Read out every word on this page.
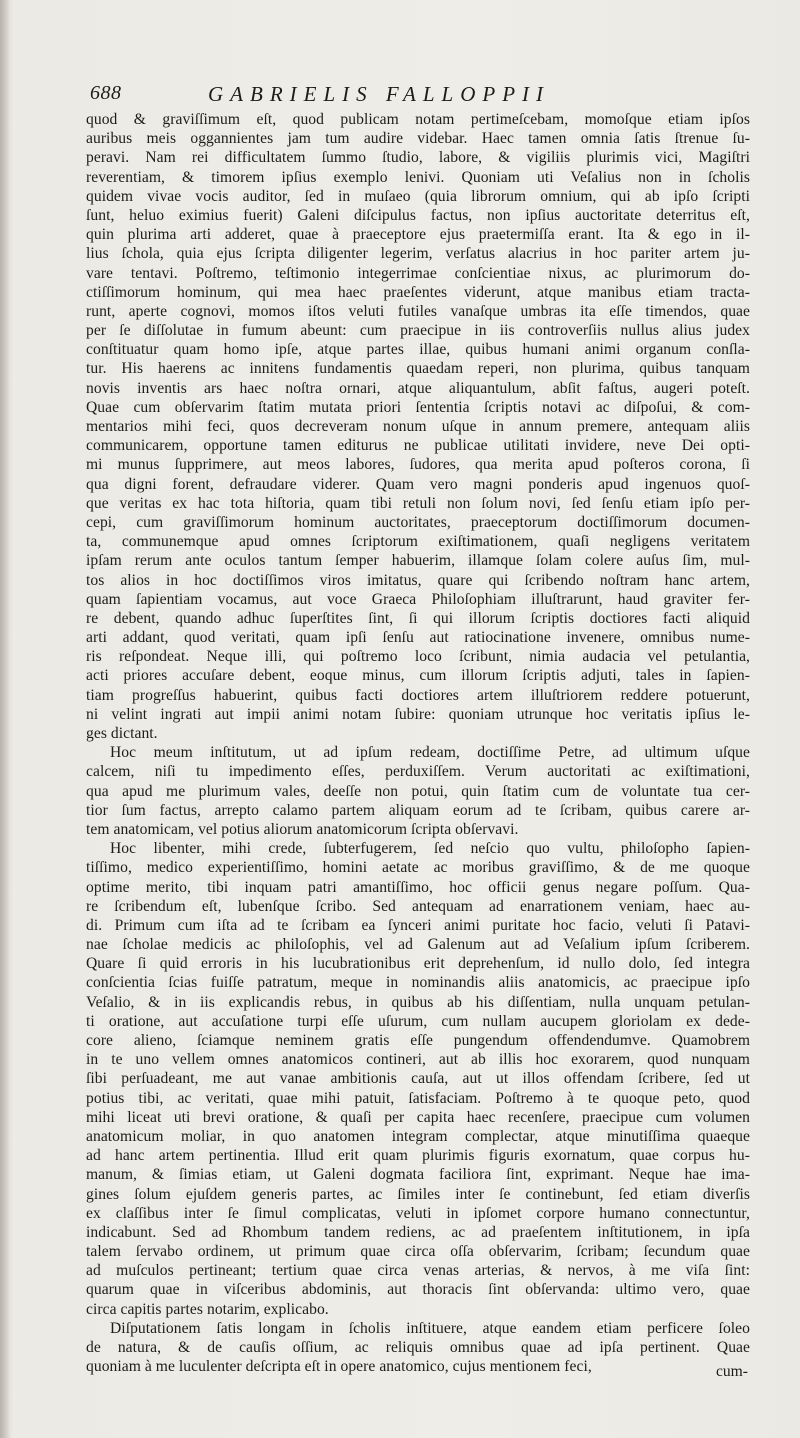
688	GABRIELIS FALLOPPII
quod & graviſſimum eſt, quod publicam notam pertimeſcebam, momoſque etiam ipſos
auribus meis oggannientes jam tum audire videbar. Haec tamen omnia ſatis ſtrenue ſu-
peravi. Nam rei difficultatem ſummo ſtudio, labore, & vigiliis plurimis vici, Magiſtri
reverentiam, & timorem ipſius exemplo lenivi. Quoniam uti Veſalius non in ſcholis
quidem vivae vocis auditor, ſed in muſaeo (quia librorum omnium, qui ab ipſo ſcripti
ſunt, heluo eximius fuerit) Galeni diſcipulus factus, non ipſius auctoritate deterritus eſt,
quin plurima arti adderet, quae à praeceptore ejus praetermiſſa erant. Ita & ego in il-
lius ſchola, quia ejus ſcripta diligenter legerim, verſatus alacrius in hoc pariter artem ju-
vare tentavi. Poſtremo, teſtimonio integerrimae conſcientiae nixus, ac plurimorum do-
ctiſſimorum hominum, qui mea haec praeſentes viderunt, atque manibus etiam tracta-
runt, aperte cognovi, momos iſtos veluti futiles vanaſque umbras ita eſſe timendos, quae
per ſe diſſolutae in fumum abeunt: cum praecipue in iis controverſiis nullus alius judex
conſtituatur quam homo ipſe, atque partes illae, quibus humani animi organum conſla-
tur. His haerens ac innitens fundamentis quaedam reperi, non plurima, quibus tanquam
novis inventis ars haec noſtra ornari, atque aliquantulum, abſit faſtus, augeri poteſt.
Quae cum obſervarim ſtatim mutata priori ſententia ſcriptis notavi ac diſpoſui, & com-
mentarios mihi feci, quos decreveram nonum uſque in annum premere, antequam aliis
communicarem, opportune tamen editurus ne publicae utilitati invidere, neve Dei opti-
mi munus ſupprimere, aut meos labores, ſudores, qua merita apud poſteros corona, ſi
qua digni forent, defraudare viderer. Quam vero magni ponderis apud ingenuos quoſ-
que veritas ex hac tota hiſtoria, quam tibi retuli non ſolum novi, ſed ſenſu etiam ipſo per-
cepi, cum graviſſimorum hominum auctoritates, praeceptorum doctiſſimorum documen-
ta, communemque apud omnes ſcriptorum exiſtimationem, quaſi negligens veritatem
ipſam rerum ante oculos tantum ſemper habuerim, illamque ſolam colere auſus ſim, mul-
tos alios in hoc doctiſſimos viros imitatus, quare qui ſcribendo noſtram hanc artem,
quam ſapientiam vocamus, aut voce Graeca Philoſophiam illuſtrarunt, haud graviter fer-
re debent, quando adhuc ſuperſtites ſint, ſi qui illorum ſcriptis doctiores facti aliquid
arti addant, quod veritati, quam ipſi ſenſu aut ratiocinatione invenere, omnibus nume-
ris reſpondeat. Neque illi, qui poſtremo loco ſcribunt, nimia audacia vel petulantia,
acti priores accuſare debent, eoque minus, cum illorum ſcriptis adjuti, tales in ſapien-
tiam progreſſus habuerint, quibus facti doctiores artem illuſtriorem reddere potuerunt,
ni velint ingrati aut impii animi notam ſubire: quoniam utrunque hoc veritatis ipſius le-
ges dictant.
Hoc meum inſtitutum, ut ad ipſum redeam, doctiſſime Petre, ad ultimum uſque
calcem, niſi tu impedimento eſſes, perduxiſſem. Verum auctoritati ac exiſtimationi,
qua apud me plurimum vales, deeſſe non potui, quin ſtatim cum de voluntate tua cer-
tior ſum factus, arrepto calamo partem aliquam eorum ad te ſcribam, quibus carere ar-
tem anatomicam, vel potius aliorum anatomicorum ſcripta obſervavi.
Hoc libenter, mihi crede, ſubterfugerem, ſed neſcio quo vultu, philoſopho ſapien-
tiſſimo, medico experientiſſimo, homini aetate ac moribus graviſſimo, & de me quoque
optime merito, tibi inquam patri amantiſſimo, hoc officii genus negare poſſum. Qua-
re ſcribendum eſt, lubenſque ſcribo. Sed antequam ad enarrationem veniam, haec au-
di. Primum cum iſta ad te ſcribam ea ſynceri animi puritate hoc facio, veluti ſi Patavi-
nae ſcholae medicis ac philoſophis, vel ad Galenum aut ad Veſalium ipſum ſcriberem.
Quare ſi quid erroris in his lucubrationibus erit deprehenſum, id nullo dolo, ſed integra
conſcientia ſcias fuiſſe patratum, meque in nominandis aliis anatomicis, ac praecipue ipſo
Veſalio, & in iis explicandis rebus, in quibus ab his diſſentiam, nulla unquam petulan-
ti oratione, aut accuſatione turpi eſſe uſurum, cum nullam aucupem gloriolam ex dede-
core alieno, ſciamque neminem gratis eſſe pungendum offendendumve. Quamobrem
in te uno vellem omnes anatomicos contineri, aut ab illis hoc exorarem, quod nunquam
ſibi perſuadeant, me aut vanae ambitionis cauſa, aut ut illos offendam ſcribere, ſed ut
potius tibi, ac veritati, quae mihi patuit, ſatisfaciam. Poſtremo à te quoque peto, quod
mihi liceat uti brevi oratione, & quaſi per capita haec recenſere, praecipue cum volumen
anatomicum moliar, in quo anatomen integram complectar, atque minutiſſima quaeque
ad hanc artem pertinentia. Illud erit quam plurimis figuris exornatum, quae corpus hu-
manum, & ſimias etiam, ut Galeni dogmata faciliora ſint, exprimant. Neque hae ima-
gines ſolum ejuſdem generis partes, ac ſimiles inter ſe continebunt, ſed etiam diverſis
ex claſſibus inter ſe ſimul complicatas, veluti in ipſomet corpore humano connectuntur,
indicabunt. Sed ad Rhombum tandem rediens, ac ad praeſentem inſtitutionem, in ipſa
talem ſervabo ordinem, ut primum quae circa oſſa obſervarim, ſcribam; ſecundum quae
ad muſculos pertineant; tertium quae circa venas arterias, & nervos, à me viſa ſint:
quarum quae in viſceribus abdominis, aut thoracis ſint obſervanda: ultimo vero, quae
circa capitis partes notarim, explicabo.
Diſputationem ſatis longam in ſcholis inſtituere, atque eandem etiam perficere ſoleo
de natura, & de cauſis oſſium, ac reliquis omnibus quae ad ipſa pertinent. Quae
quoniam à me luculenter deſcripta eſt in opere anatomico, cujus mentionem feci,	cum-
